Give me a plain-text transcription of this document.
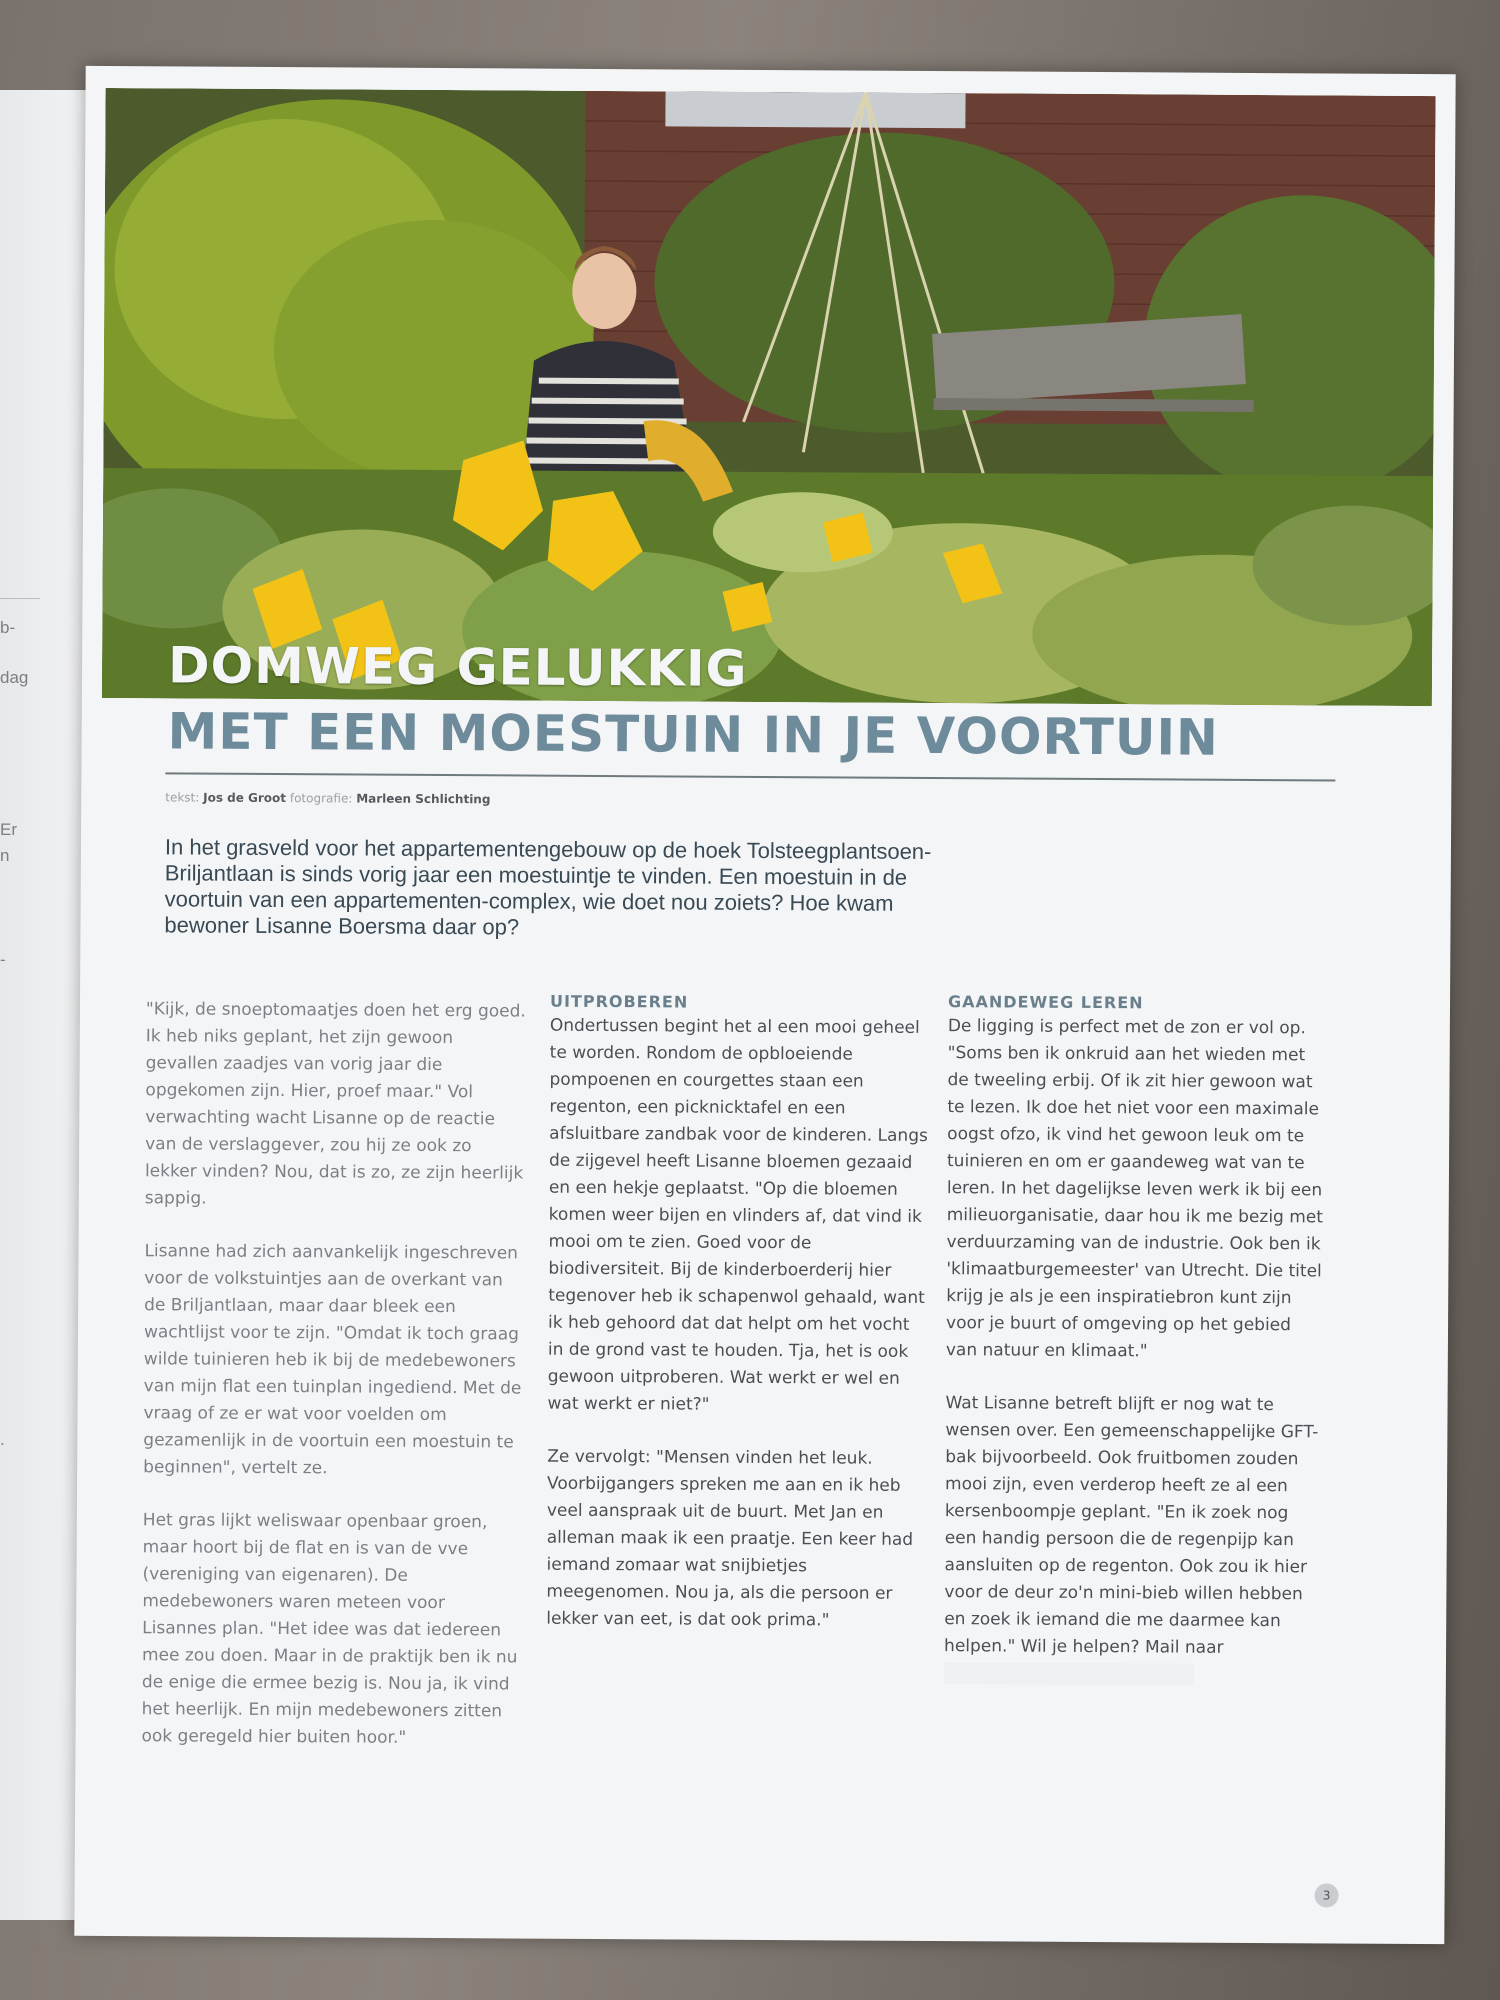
b-
dag
Er
n
-
.
DOMWEG GELUKKIG
MET EEN MOESTUIN IN JE VOORTUIN
tekst: Jos de Groot fotografie: Marleen Schlichting

In het grasveld voor het appartementengebouw op de hoek Tolsteegplantsoen-Briljantlaan is sinds vorig jaar een moestuintje te vinden. Een moestuin in de voortuin van een appartementen-complex, wie doet nou zoiets? Hoe kwam bewoner Lisanne Boersma daar op?

"Kijk, de snoeptomaatjes doen het erg goed. Ik heb niks geplant, het zijn gewoon gevallen zaadjes van vorig jaar die opgekomen zijn. Hier, proef maar." Vol verwachting wacht Lisanne op de reactie van de verslaggever, zou hij ze ook zo lekker vinden? Nou, dat is zo, ze zijn heerlijk sappig.

Lisanne had zich aanvankelijk ingeschreven voor de volkstuintjes aan de overkant van de Briljantlaan, maar daar bleek een wachtlijst voor te zijn. "Omdat ik toch graag wilde tuinieren heb ik bij de medebewoners van mijn flat een tuinplan ingediend. Met de vraag of ze er wat voor voelden om gezamenlijk in de voortuin een moestuin te beginnen", vertelt ze.

Het gras lijkt weliswaar openbaar groen, maar hoort bij de flat en is van de vve (vereniging van eigenaren). De medebewoners waren meteen voor Lisannes plan. "Het idee was dat iedereen mee zou doen. Maar in de praktijk ben ik nu de enige die ermee bezig is. Nou ja, ik vind het heerlijk. En mijn medebewoners zitten ook geregeld hier buiten hoor."

UITPROBEREN

Ondertussen begint het al een mooi geheel te worden. Rondom de opbloeiende pompoenen en courgettes staan een regenton, een picknicktafel en een afsluitbare zandbak voor de kinderen. Langs de zijgevel heeft Lisanne bloemen gezaaid en een hekje geplaatst. "Op die bloemen komen weer bijen en vlinders af, dat vind ik mooi om te zien. Goed voor de biodiversiteit. Bij de kinderboerderij hier tegenover heb ik schapenwol gehaald, want ik heb gehoord dat dat helpt om het vocht in de grond vast te houden. Tja, het is ook gewoon uitproberen. Wat werkt er wel en wat werkt er niet?"

Ze vervolgt: "Mensen vinden het leuk. Voorbijgangers spreken me aan en ik heb veel aanspraak uit de buurt. Met Jan en alleman maak ik een praatje. Een keer had iemand zomaar wat snijbietjes meegenomen. Nou ja, als die persoon er lekker van eet, is dat ook prima."

GAANDEWEG LEREN

De ligging is perfect met de zon er vol op. "Soms ben ik onkruid aan het wieden met de tweeling erbij. Of ik zit hier gewoon wat te lezen. Ik doe het niet voor een maximale oogst ofzo, ik vind het gewoon leuk om te tuinieren en om er gaandeweg wat van te leren. In het dagelijkse leven werk ik bij een milieuorganisatie, daar hou ik me bezig met verduurzaming van de industrie. Ook ben ik 'klimaatburgemeester' van Utrecht. Die titel krijg je als je een inspiratiebron kunt zijn voor je buurt of omgeving op het gebied van natuur en klimaat."

Wat Lisanne betreft blijft er nog wat te wensen over. Een gemeenschappelijke GFT-bak bijvoorbeeld. Ook fruitbomen zouden mooi zijn, even verderop heeft ze al een kersenboompje geplant. "En ik zoek nog een handig persoon die de regenpijp kan aansluiten op de regenton. Ook zou ik hier voor de deur zo'n mini-bieb willen hebben en zoek ik iemand die me daarmee kan helpen." Wil je helpen? Mail naar

3
